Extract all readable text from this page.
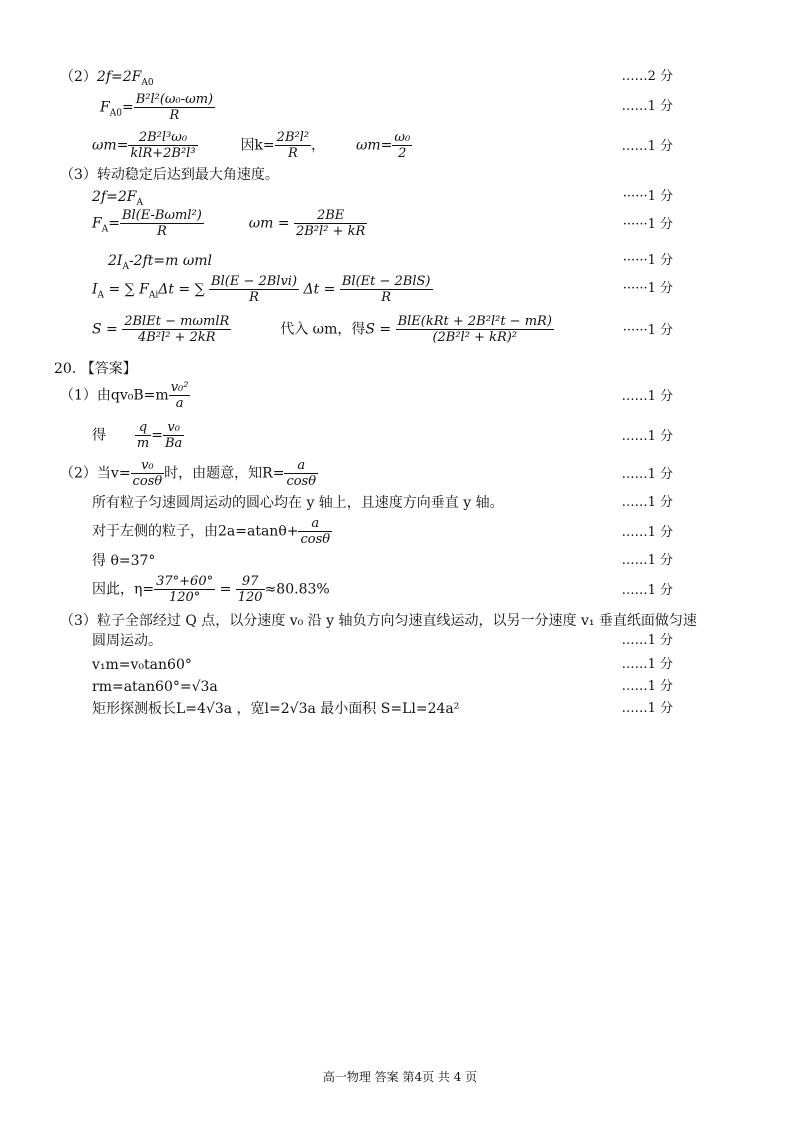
$(2)2f=2F_{A0}$	……2 分
$F_{A0}= \frac{\text{B²l²(ω₀-ωm)}}{R}$	……1 分
$\omega m= \frac{\text{2B²l³ω₀}}{\text{klR+2B²l³}}$	因$k= \frac{\text{2B²l²}}{R}$ ，  $\omega m= \frac{\text{ω₀}}{2}$	……1 分
（3）转动稳定后达到最大角速度。
$2f=2F_A$	······1 分
$F_A= \frac{\text{Bl(E-Bωml²)}}{R}$	$\omega m = \frac{2BE}{\text{2B²l² + kR}}$	······1 分
$2I_A-2ft=m$ ωml	······1 分
$I_A$ = ∑ $F_{Ai}\Delta t$ = ∑ $\frac{\text{Bl(E − 2Blvi)}}{R}$ $\Delta t = \frac{\text{Bl(Et − 2BlS)}}{R}$	······1 分
$S = \frac{\text{2BlEt − mωmlR}}{\text{4B²l² + 2kR}}$	代入 ωm，得$S = \frac{\text{BlE(kRt + 2B²l²t − mR)}}{\text{(2B²l² + kR)²}}$	······1 分
20. 【答案】
（1）由$qv_0B=m \frac{\text{v₀²}}{a}$	……1 分
得 $\frac{q}{m} = \frac{\text{v₀}}{Ba}$	……1 分
（2）当$v= \frac{\text{v₀}}{\cos\theta}$ 时，由题意，知$R= \frac{a}{\cos\theta}$	……1 分
所有粒子匀速圆周运动的圆心均在 y 轴上，且速度方向垂直 y 轴。	……1 分
对于左侧的粒子，由$2a=atan\theta+ \frac{a}{\cos\theta}$	……1 分
得 θ=37°	……1 分
因此，$\eta= \frac{37^\circ+60^\circ}{120^\circ} = \frac{97}{120} \approx 80.83\%$	……1 分
（3）粒子全部经过 Q 点，以分速度 v₀ 沿 y 轴负方向匀速直线运动，以另一分速度 v₁ 垂直纸面做匀速
圆周运动。	……1 分
v₁m=v₀tan60°	……1 分
rm=atan60°=√3a	……1 分
矩形探测板长L=4√3a ，宽l=2√3a 最小面积 S=Ll=24a²	……1 分
高一物理 答案 第4页 共 4 页
